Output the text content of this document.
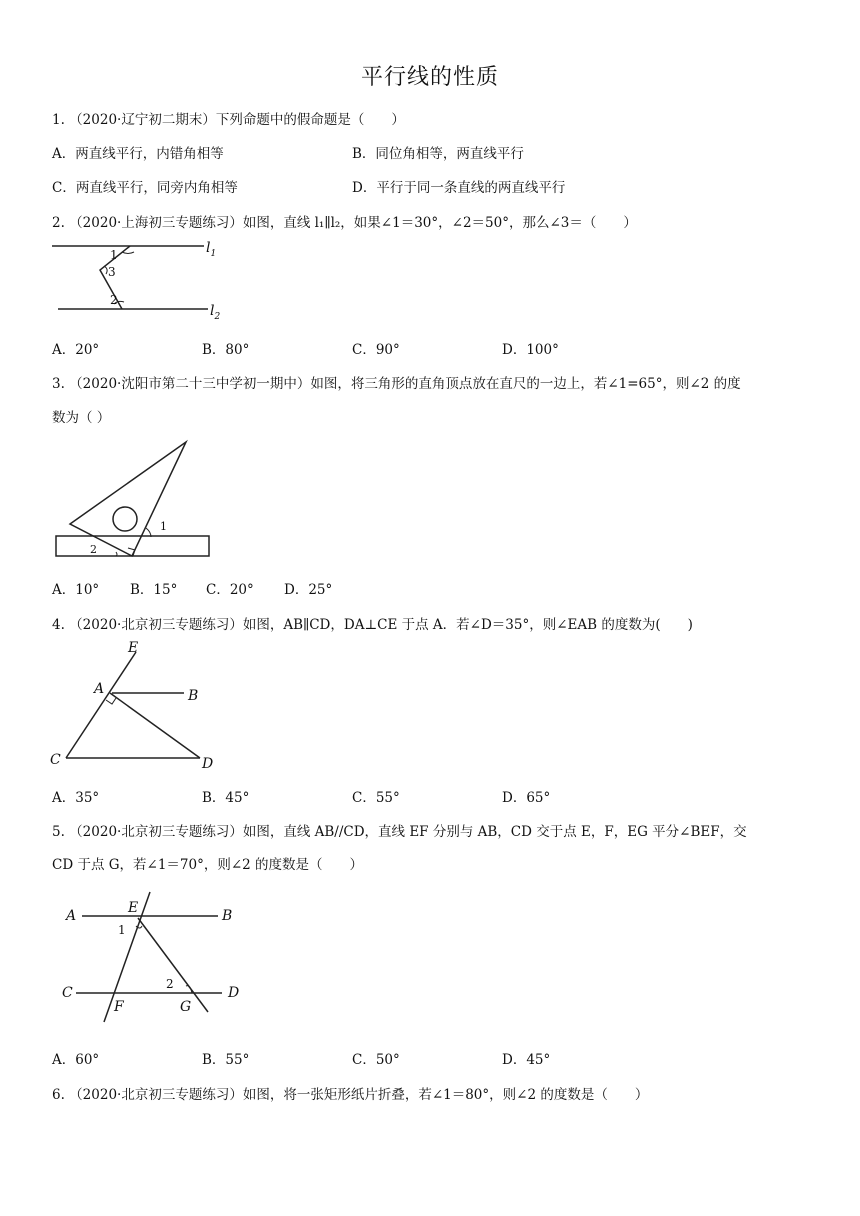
平行线的性质
1. （2020·辽宁初二期末）下列命题中的假命题是（　　）
A．两直线平行，内错角相等	B．同位角相等，两直线平行
C．两直线平行，同旁内角相等	D．平行于同一条直线的两直线平行
2. （2020·上海初三专题练习）如图，直线 l₁∥l₂，如果∠1＝30°，∠2＝50°，那么∠3＝（　　）
1
3
2
$l_1$
$l_2$
A．20°	B．80°	C．90°	D．100°
3. （2020·沈阳市第二十三中学初一期中）如图，将三角形的直角顶点放在直尺的一边上，若∠1=65°，则∠2 的度
数为（ ）
1
2
A．10° B．15° C．20° D．25°
4. （2020·北京初三专题练习）如图，AB∥CD，DA⊥CE 于点 A．若∠D＝35°，则∠EAB 的度数为(　　)
E
A	B
C	D
A．35°	B．45°	C．55°	D．65°
5. （2020·北京初三专题练习）如图，直线 AB//CD，直线 EF 分别与 AB，CD 交于点 E，F，EG 平分∠BEF，交
CD 于点 G，若∠1＝70°，则∠2 的度数是（　　）
A	E	B
1
C
2
D
F	G
A．60°	B．55°	C．50°	D．45°
6. （2020·北京初三专题练习）如图，将一张矩形纸片折叠，若∠1＝80°，则∠2 的度数是（　　）
